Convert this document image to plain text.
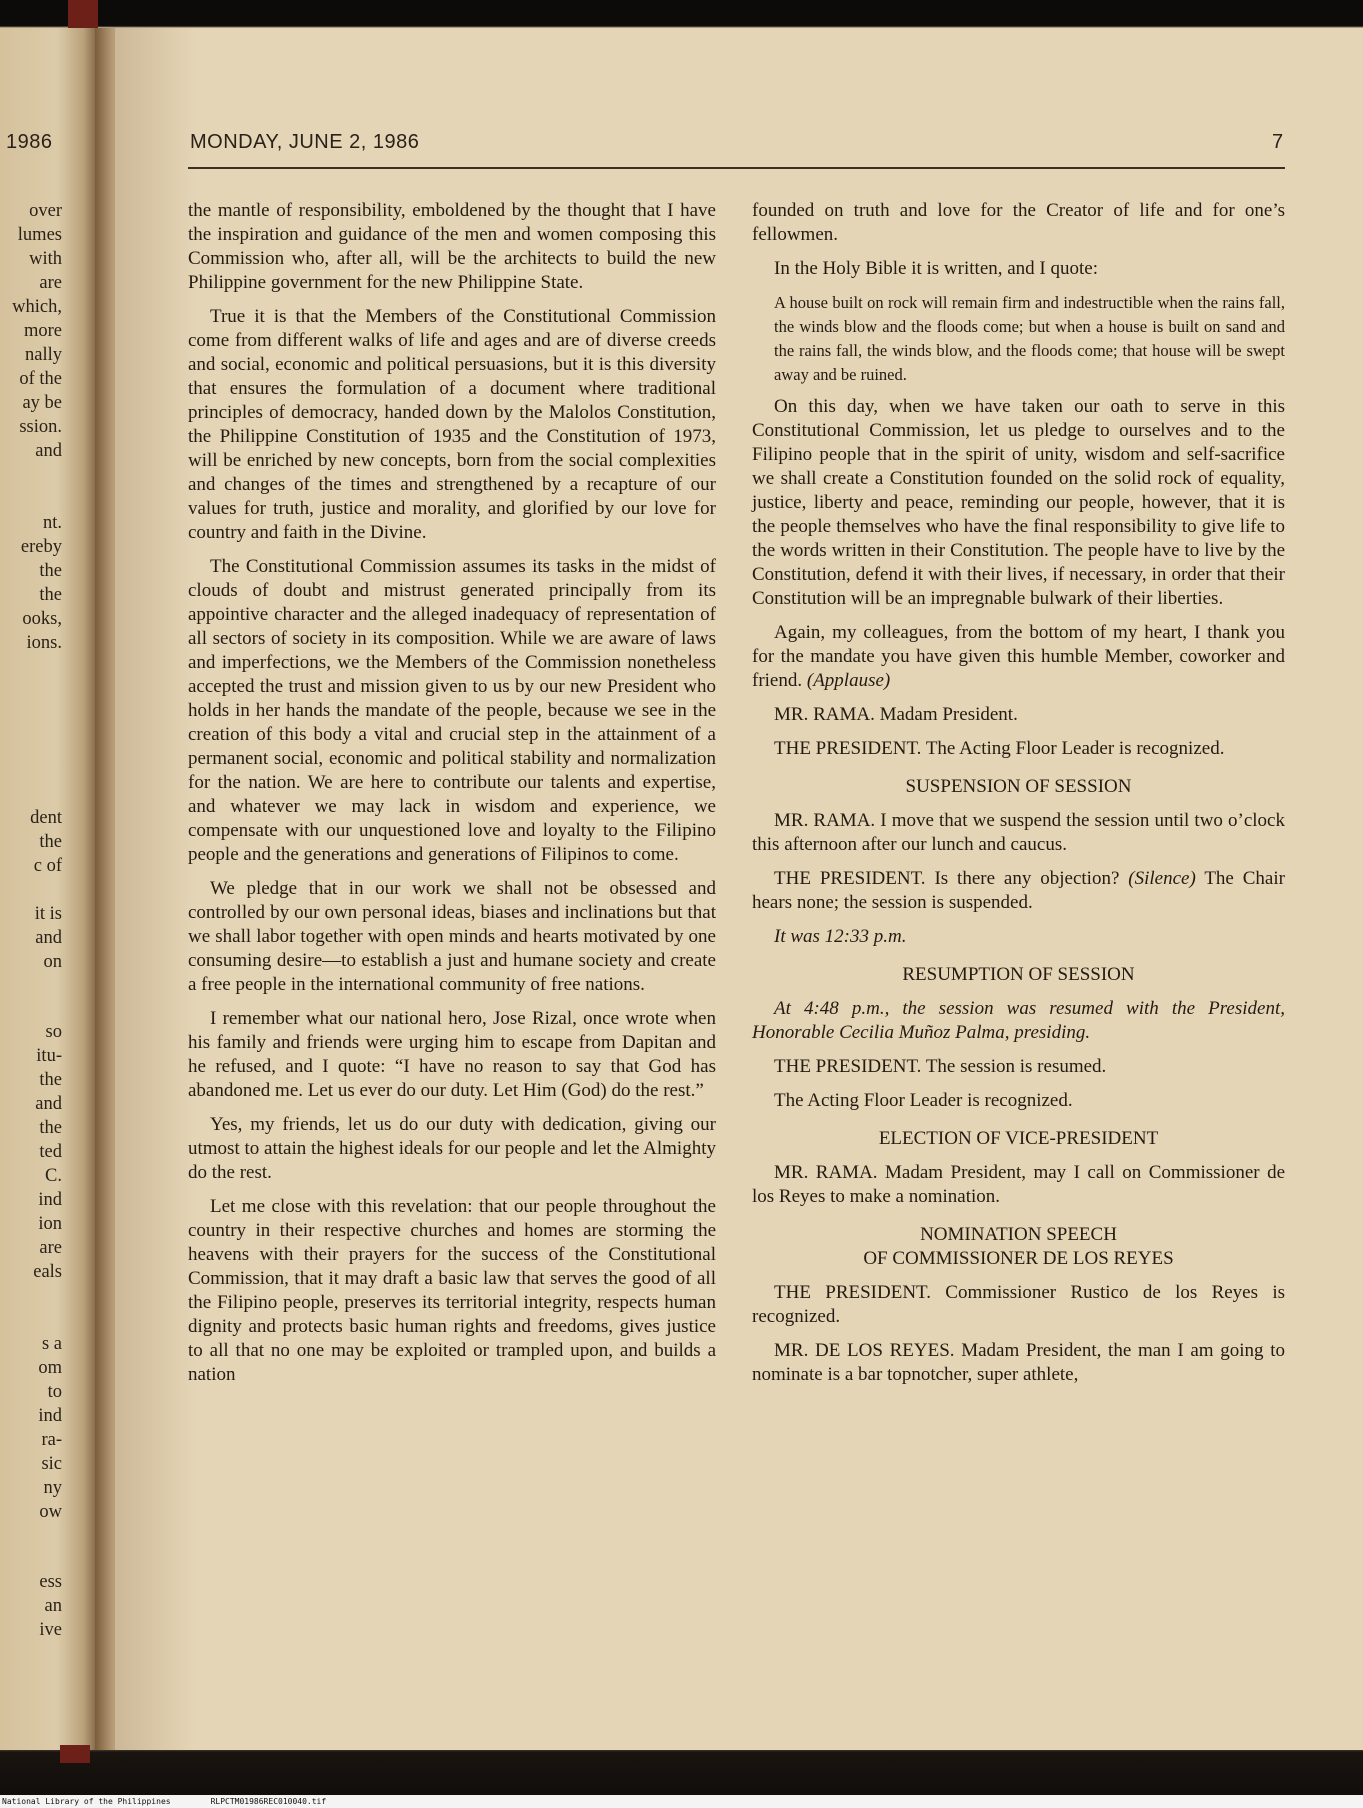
1986
over
lumes
with
are
which,
more
nally
of the
ay be
ssion.
and
nt.
ereby
the
the
ooks,
ions.
dent
the
c of
it is
and
on
so
itu-
the
and
the
ted
C.
ind
ion
are
eals
s a
om
to
ind
ra-
sic
ny
ow
ess
an
ive
MONDAY, JUNE 2, 1986	7

the mantle of responsibility, emboldened by the thought that I have the inspiration and guidance of the men and women composing this Commission who, after all, will be the architects to build the new Philippine government for the new Philippine State.

True it is that the Members of the Constitutional Commission come from different walks of life and ages and are of diverse creeds and social, economic and political persuasions, but it is this diversity that ensures the formulation of a document where traditional principles of democracy, handed down by the Malolos Constitution, the Philippine Constitution of 1935 and the Constitution of 1973, will be enriched by new concepts, born from the social complexities and changes of the times and strengthened by a recapture of our values for truth, justice and morality, and glorified by our love for country and faith in the Divine.

The Constitutional Commission assumes its tasks in the midst of clouds of doubt and mistrust generated principally from its appointive character and the alleged inadequacy of representation of all sectors of society in its composition. While we are aware of laws and imperfections, we the Members of the Commission nonetheless accepted the trust and mission given to us by our new President who holds in her hands the mandate of the people, because we see in the creation of this body a vital and crucial step in the attainment of a permanent social, economic and political stability and normalization for the nation. We are here to contribute our talents and expertise, and whatever we may lack in wisdom and experience, we compensate with our unquestioned love and loyalty to the Filipino people and the generations and generations of Filipinos to come.

We pledge that in our work we shall not be obsessed and controlled by our own personal ideas, biases and inclinations but that we shall labor together with open minds and hearts motivated by one consuming desire—to establish a just and humane society and create a free people in the international community of free nations.

I remember what our national hero, Jose Rizal, once wrote when his family and friends were urging him to escape from Dapitan and he refused, and I quote: “I have no reason to say that God has abandoned me. Let us ever do our duty. Let Him (God) do the rest.”

Yes, my friends, let us do our duty with dedication, giving our utmost to attain the highest ideals for our people and let the Almighty do the rest.

Let me close with this revelation: that our people throughout the country in their respective churches and homes are storming the heavens with their prayers for the success of the Constitutional Commission, that it may draft a basic law that serves the good of all the Filipino people, preserves its territorial integrity, respects human dignity and protects basic human rights and freedoms, gives justice to all that no one may be exploited or trampled upon, and builds a nation

founded on truth and love for the Creator of life and for one’s fellowmen.

In the Holy Bible it is written, and I quote:

A house built on rock will remain firm and indestructible when the rains fall, the winds blow and the floods come; but when a house is built on sand and the rains fall, the winds blow, and the floods come; that house will be swept away and be ruined.

On this day, when we have taken our oath to serve in this Constitutional Commission, let us pledge to ourselves and to the Filipino people that in the spirit of unity, wisdom and self-sacrifice we shall create a Constitution founded on the solid rock of equality, justice, liberty and peace, reminding our people, however, that it is the people themselves who have the final responsibility to give life to the words written in their Constitution. The people have to live by the Constitution, defend it with their lives, if necessary, in order that their Constitution will be an impregnable bulwark of their liberties.

Again, my colleagues, from the bottom of my heart, I thank you for the mandate you have given this humble Member, coworker and friend. (Applause)

MR. RAMA. Madam President.

THE PRESIDENT. The Acting Floor Leader is recognized.

SUSPENSION OF SESSION

MR. RAMA. I move that we suspend the session until two o’clock this afternoon after our lunch and caucus.

THE PRESIDENT. Is there any objection? (Silence) The Chair hears none; the session is suspended.

It was 12:33 p.m.

RESUMPTION OF SESSION

At 4:48 p.m., the session was resumed with the President, Honorable Cecilia Muñoz Palma, presiding.

THE PRESIDENT. The session is resumed.

The Acting Floor Leader is recognized.

ELECTION OF VICE-PRESIDENT

MR. RAMA. Madam President, may I call on Commissioner de los Reyes to make a nomination.

NOMINATION SPEECH
OF COMMISSIONER DE LOS REYES

THE PRESIDENT. Commissioner Rustico de los Reyes is recognized.

MR. DE LOS REYES. Madam President, the man I am going to nominate is a bar topnotcher, super athlete,

National Library of the Philippines	RLPCTM01986REC010040.tif
